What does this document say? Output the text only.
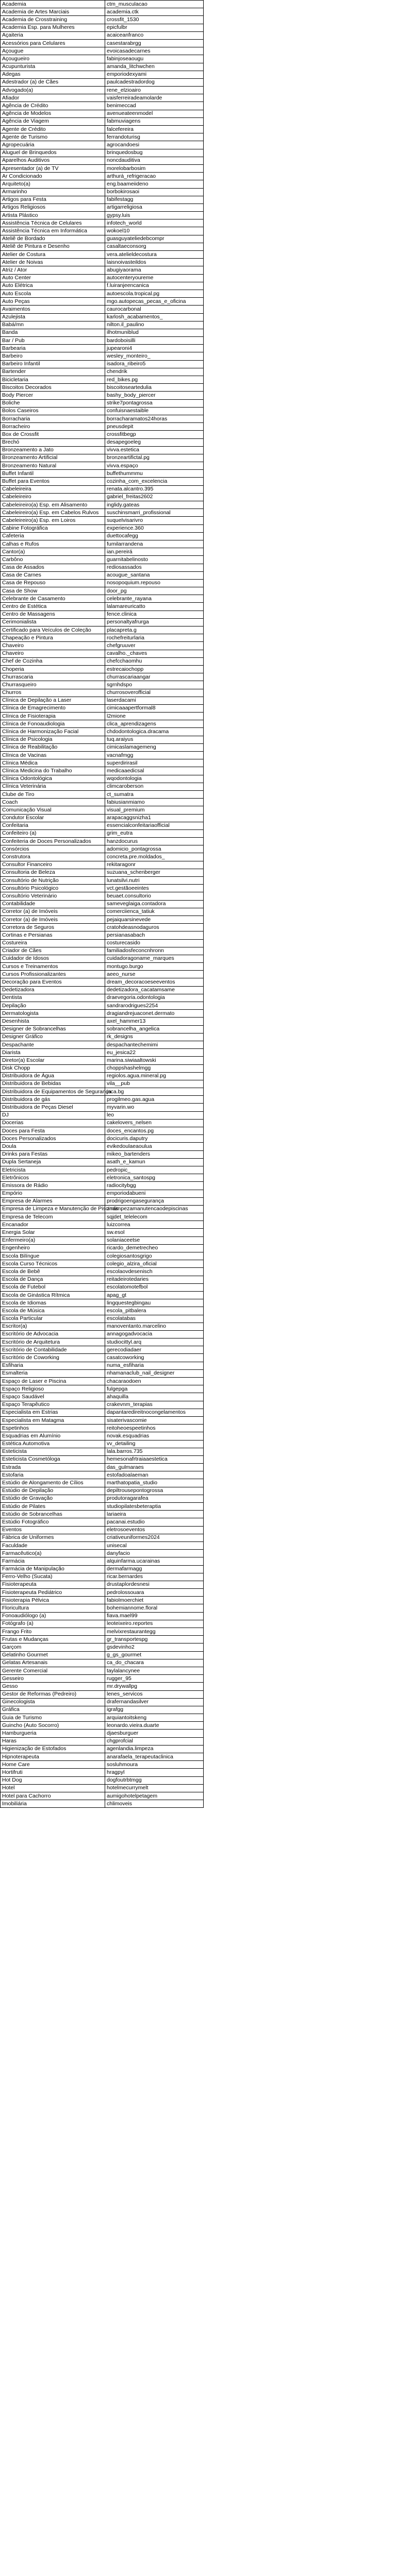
Academia	ctm_musculacao
Academia de Artes Marciais	academia.ctk
Academia de Crosstraining	crossfit_1530
Academia Esp. para Mulheres	epicfulbr
Açaiteria	acaiceanfranco
Acessórios para Celulares	casestarabrgg
Açougue	evoicasadecarnes
Açougueiro	fabinjoseaougu
Acupunturista	amanda_litchwchen
Adegas	emporiodexyami
Adestrador (a) de Cães	paulcadestradordog
Advogado(a)	rene_elzioairo
Afiador	vaisferreiradeamolarde
Agência de Crédito	benimeccad
Agência de Modelos	avenueateenmodel
Agência de Viagem	fabmuviagens
Agente de Crédito	falcefereira
Agente de Turismo	ferrandoturisg
Agropecuária	agrocandoesi
Aluguel de Brinquedos	brinquedosbug
Aparelhos Auditivos	noncdauditiva
Apresentador (a) de TV	morelobarbosim
Ar Condicionado	arthurá_refrigeracao
Arquiteto(a)	eng.baameiideno
Armarinho	borbokirosaoi
Artigos para Festa	fabifestagg
Artigos Religiosos	artigarreligiosa
Artista Plástico	gypsy.luis
Assistência Técnica de Celulares	infotech_world
Assistência Técnica em Informática	wokoel10
Ateliê de Bordado	guasguyateliedebcompr
Ateliê de Pintura e Desenho	casaltaeconsorg
Atelier de Costura	vera.atelieldecostura
Atelier de Noivas	laisnoivasteildos
Atriz / Ator	abugiyaorama
Auto Center	autocenteryoureme
Auto Elétrica	f.luiranjeencanica
Auto Escola	autoescola.tropical.pg
Auto Peças	mgo.autopecas_pecas_e_oficina
Avaimentos	caurocarbonal
Azulejista	karlosh_acabamentos_
Babá/mn	nilton.il_paulino
Banda	ilhotmuniblud
Bar / Pub	bardoboisilli
Barbearia	jupearoni4
Barbeiro	wesley_monteiro_
Barbeiro Infantil	isadora_ribeiro5
Bartender	chendrik
Bicicletaria	red_bikes.pg
Biscoitos Decorados	biscoitoseartedulia
Body Piercer	bashy_body_piercer
Boliche	strike7pontagrossa
Bolos Caseiros	confuisnaestaible
Borracharia	borracharamatos24horas
Borracheiro	pneusdepit
Box de Crossfit	crossfitbegp
Brechó	desapegoeleg
Bronzeamento a Jato	vivva.estetica
Bronzeamento Artificial	bronzeartifictal.pg
Bronzeamento Natural	vivva.espaço
Buffet Infantil	buffethummmu
Buffet para Eventos	cozinha_com_excelencia
Cabeleireira	renata.alcantro.395
Cabeleireiro	gabriel_freitas2602
Cabeleireiro(a) Esp. em Alisamento	inglidy.gateas
Cabeleireiro(a) Esp. em Cabelos Rulvos	suschinsmarri_profissional
Cabeleireiro(a) Esp. em Loiros	suquelvisarivro
Cabine Fotográfica	experience.360
Cafeteria	duettocafegg
Calhas e Rufos	fumilarrandena
Cantor(a)	ian.pereirá
Carbôno	guarnitabelinosto
Casa de Assados	rediosassados
Casa de Carnes	acougue_santana
Casa de Repouso	nosopoquium.repouso
Casa de Show	door_pg
Celebrante de Casamento	celebrante_rayana
Centro de Estética	lalamareuricatto
Centro de Massagens	fence.clinica
Cerimonialista	personaltyafrurga
Certificado para Veículos de Coleção	placapreta.g
Chapeação e Pintura	rochefreiturlaria
Chaveiro	chefgruuver
Chaveiro	cavalho._chaves
Chef de Cozinha	chefcchaomhu
Choperia	estrecaiochopp
Churrascaria	churrascariaangar
Churrasqueiro	sgrnhdspo
Churros	churrosoverofficial
Clínica de Depilação a Laser	laserdacami
Clínica de Emagrecimento	cimicaaapertformal8
Clínica de Fisioterapia	l2mione
Clínica de Fonoaudiologia	clica_aprendizagens
Clínica de Harmonização Facial	chdodontologica.dracama
Clínica de Psicologia	tuq.araiyus
Clínica de Reabilitação	cimicaslamagemeng
Clínica de Vacinas	vacnafmgg
Clínica Médica	superdirirasil
Clínica Medicina do Trabalho	medicaaedicsal
Clínica Odontológica	wqodontologia
Clínica Veterinária	climcaroberson
Clube de Tiro	ct_sumatra
Coach	fabiusianmiamo
Comunicação Visual	visual_premium
Condutor Escolar	arapacaggsnizha1
Confeitaria	essencialconfeitariaofficial
Confeiteiro (a)	grim_eutra
Confeiteria de Doces Personalizados	hanzdocurus
Consórcios	adomicio_pontagrossa
Construtora	concreta.pre.moldados_
Consultor Financeiro	rekitaragonr
Consultoria de Beleza	suzuana_schenberger
Consultório de Nutrição	lunatsilvi.nutri
Consultório Psicológico	vct.gestãoeeintes
Consultório Veterinário	beuaet.consultorio
Contabilidade	sameveglaiga.contadora
Corretor (a) de Imóveis	comerciienca_tatiuk
Corretor (a) de Imóveis	pejaiquarsinevede
Corretora de Seguros	cratohdeasnodaguros
Cortinas e Persianas	persianasabach
Costureira	costurecasido
Criador de Cães	familiadosfeconcnhronn
Cuidador de Idosos	cuidadoragoname_marques
Cursos e Treinamentos	montugo.burgo
Cursos Profissionalizantes	aeeo_nurse
Decoração para Eventos	dream_decoracoeseeventos
Dedetizadora	dedetizadora_cacatamsame
Dentista	draevegoria.odontologia
Depilação	sandrarodrigues2254
Dermatologista	dragiandrejuaconet.dermato
Desenhista	axel_hammer13
Designer de Sobrancelhas	sobrancelha_angelica
Designer Gráfico	rk_designs
Despachante	despachantechemimi
Diarista	eu_jesica22
Diretor(a) Escolar	marina.siwiaaltowski
Disk Chopp	choppshashelmgg
Distribuidora de Água	regiolos.agua.mineral.pg
Distribuidora de Bebidas	vila__pub
Distribuidora de Equipamentos de Segurança	jsca.bg
Distribuidora de gás	progilmeo.gas.agua
Distribuidora de Peças Diesel	myvarin.wo
DJ	leo
Docerias	cakelovers_nelsen
Doces para Festa	doces_encantos.pg
Doces Personalizados	docicuris.daputry
Doula	evikedoulaeaoulua
Drinks para Festas	mikeo_bartenders
Dupla Sertaneja	asath_e_kamun
Eletricista	pedropic_
Eletrônicos	eletronica_santospg
Emissora de Rádio	radiocitybgg
Empório	emporiodabueni
Empresa de Alarmes	prodrigoengasegurança
Empresa de Limpeza e Manutenção de Piscinas	zmlimpezamanutencaodepiscinas
Empresa de Telecom	sqjdet_telelecom
Encanador	luizcorrea
Energia Solar	sw.esol
Enfermeiro(a)	solaniaceetse
Engenheiro	ricardo_demetrecheo
Escola Bilíngue	colegiosantosgrigo
Escola Curso Técnicos	colegio_alzira_oficial
Escola de Bebê	escolaovdesenisch
Escola de Dança	reitadeirotedaries
Escola de Futebol	escolatomotefbol
Escola de Ginástica Rítmica	apag_gt
Escola de Idiomas	lingquestegbingau
Escola de Música	escola_pitbalera
Escola Particular	escolatabas
Escritor(a)	manoventanto.marcelino
Escritório de Advocacia	annagogadvocacia
Escritório de Arquitetura	studiocittyl.arq
Escritório de Contabilidade	gerecodiadaer
Escritório de Coworking	casatcoworking
Esfiharia	numa_esfiharia
Esmalteria	nhamanaclub_nail_designer
Espaço de Laser e Piscina	chacaraodoen
Espaço Religioso	fulgepga
Espaço Saudável	ahaquilla
Espaço Terapêutico	crakevnm_terapias
Especialista em Estrias	dapantaredireitnocongelamentos
Especialista em Matagma	sisaterivascomie
Espetinhos	reitoheoespeetinhos
Esquadrias em Alumínio	novak.esquadrias
Estética Automotiva	vv_detailing
Esteticista	lala.barros.735
Esteticista Cosmetóloga	hemesonafrtraiaaestetica
Estrada	das_gulmaraes
Estofaria	estofadoalaeman
Estúdio de Alongamento de Cílios	marthatopatia_studio
Estúdio de Depilação	depiltrousepontogrossa
Estúdio de Gravação	produtoragarafea
Estúdio de Pilates	studiopilatesbeteraptia
Estúdio de Sobrancelhas	lariaeira
Estúdio Fotográfico	pacanai.estudio
Eventos	eletrosoeventos
Fábrica de Uniformes	criativeuniformes2024
Faculdade	unisecal
Farmacêutico(a)	danyfacio
Farmácia	alquinfarma.ucarainas
Farmácia de Manipulação	dermafarmagg
Ferro-Velho (Sucata)	ricar.bernardes
Fisioterapeuta	drustaplordesnesi
Fisioterapeuta Pediátrico	pedrolossouara
Fisioterapia Pélvica	fabiolmoerchiet
Floricultura	bohemiannome.floral
Fonoaudiólogo (a)	fiava.mael99
Fotógrafo (a)	leoteixeiro.reportes
Frango Frito	melvixrestaurantegg
Frutas e Mudanças	gr_transportespg
Garçom	gsdevinho2
Gelatinho Gourmet	g_gs_gourmet
Gelatas Artesanais	ca_do_chacara
Gerente Comercial	taylalancynee
Gesseiro	rugger_95
Gesso	mr.drywallpg
Gestor de Reformas (Pedreiro)	lenes_servicos
Ginecologista	drafernandasilver
Gráfica	igrafgg
Guia de Turismo	arquiantoitskeng
Guincho (Auto Socorro)	leonardo.vieira.duarte
Hamburgueria	djaesburguer
Haras	chgprofcial
Higienização de Estofados	agenlandia.limpeza
Hipnoterapeuta	anarafaela_terapeutaclinica
Home Care	sosluhmoura
Hortifruti	hragpyl
Hot Dog	dogfoutrbtmgg
Hotel	hotelmecurrymelt
Hotel para Cachorro	aumigohotelpetagem
Imobiliária	chlimoveis
